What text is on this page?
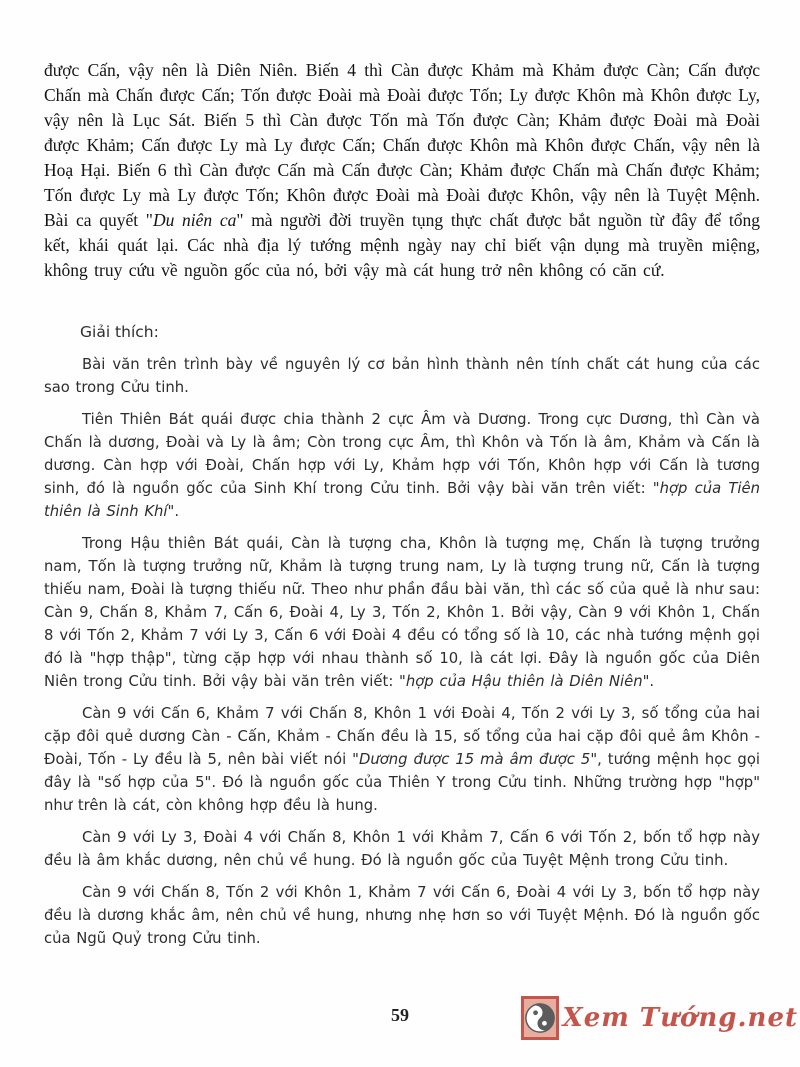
được Cấn, vậy nên là Diên Niên. Biến 4 thì Càn được Khảm mà Khảm được Càn; Cấn được Chấn mà Chấn được Cấn; Tốn được Đoài mà Đoài được Tốn; Ly được Khôn mà Khôn được Ly, vậy nên là Lục Sát. Biến 5 thì Càn được Tốn mà Tốn được Càn; Khảm được Đoài mà Đoài được Khảm; Cấn được Ly mà Ly được Cấn; Chấn được Khôn mà Khôn được Chấn, vậy nên là Hoạ Hại. Biến 6 thì Càn được Cấn mà Cấn được Càn; Khảm được Chấn mà Chấn được Khảm; Tốn được Ly mà Ly được Tốn; Khôn được Đoài mà Đoài được Khôn, vậy nên là Tuyệt Mệnh. Bài ca quyết "Du niên ca" mà người đời truyền tụng thực chất được bắt nguồn từ đây để tổng kết, khái quát lại. Các nhà địa lý tướng mệnh ngày nay chỉ biết vận dụng mà truyền miệng, không truy cứu về nguồn gốc của nó, bởi vậy mà cát hung trở nên không có căn cứ.

Giải thích:

Bài văn trên trình bày về nguyên lý cơ bản hình thành nên tính chất cát hung của các sao trong Cửu tinh.

Tiên Thiên Bát quái được chia thành 2 cực Âm và Dương. Trong cực Dương, thì Càn và Chấn là dương, Đoài và Ly là âm; Còn trong cực Âm, thì Khôn và Tốn là âm, Khảm và Cấn là dương. Càn hợp với Đoài, Chấn hợp với Ly, Khảm hợp với Tốn, Khôn hợp với Cấn là tương sinh, đó là nguồn gốc của Sinh Khí trong Cửu tinh. Bởi vậy bài văn trên viết: "hợp của Tiên thiên là Sinh Khí".

Trong Hậu thiên Bát quái, Càn là tượng cha, Khôn là tượng mẹ, Chấn là tượng trưởng nam, Tốn là tượng trưởng nữ, Khảm là tượng trung nam, Ly là tượng trung nữ, Cấn là tượng thiếu nam, Đoài là tượng thiếu nữ. Theo như phần đầu bài văn, thì các số của quẻ là như sau: Càn 9, Chấn 8, Khảm 7, Cấn 6, Đoài 4, Ly 3, Tốn 2, Khôn 1. Bởi vậy, Càn 9 với Khôn 1, Chấn 8 với Tốn 2, Khảm 7 với Ly 3, Cấn 6 với Đoài 4 đều có tổng số là 10, các nhà tướng mệnh gọi đó là "hợp thập", từng cặp hợp với nhau thành số 10, là cát lợi. Đây là nguồn gốc của Diên Niên trong Cửu tinh. Bởi vậy bài văn trên viết: "hợp của Hậu thiên là Diên Niên".

Càn 9 với Cấn 6, Khảm 7 với Chấn 8, Khôn 1 với Đoài 4, Tốn 2 với Ly 3, số tổng của hai cặp đôi quẻ dương Càn - Cấn, Khảm - Chấn đều là 15, số tổng của hai cặp đôi quẻ âm Khôn - Đoài, Tốn - Ly đều là 5, nên bài viết nói "Dương được 15 mà âm được 5", tướng mệnh học gọi đây là "số hợp của 5". Đó là nguồn gốc của Thiên Y trong Cửu tinh. Những trường hợp "hợp" như trên là cát, còn không hợp đều là hung.

Càn 9 với Ly 3, Đoài 4 với Chấn 8, Khôn 1 với Khảm 7, Cấn 6 với Tốn 2, bốn tổ hợp này đều là âm khắc dương, nên chủ về hung. Đó là nguồn gốc của Tuyệt Mệnh trong Cửu tinh.

Càn 9 với Chấn 8, Tốn 2 với Khôn 1, Khảm 7 với Cấn 6, Đoài 4 với Ly 3, bốn tổ hợp này đều là dương khắc âm, nên chủ về hung, nhưng nhẹ hơn so với Tuyệt Mệnh. Đó là nguồn gốc của Ngũ Quỷ trong Cửu tinh.

59	Xem Tướng.net
